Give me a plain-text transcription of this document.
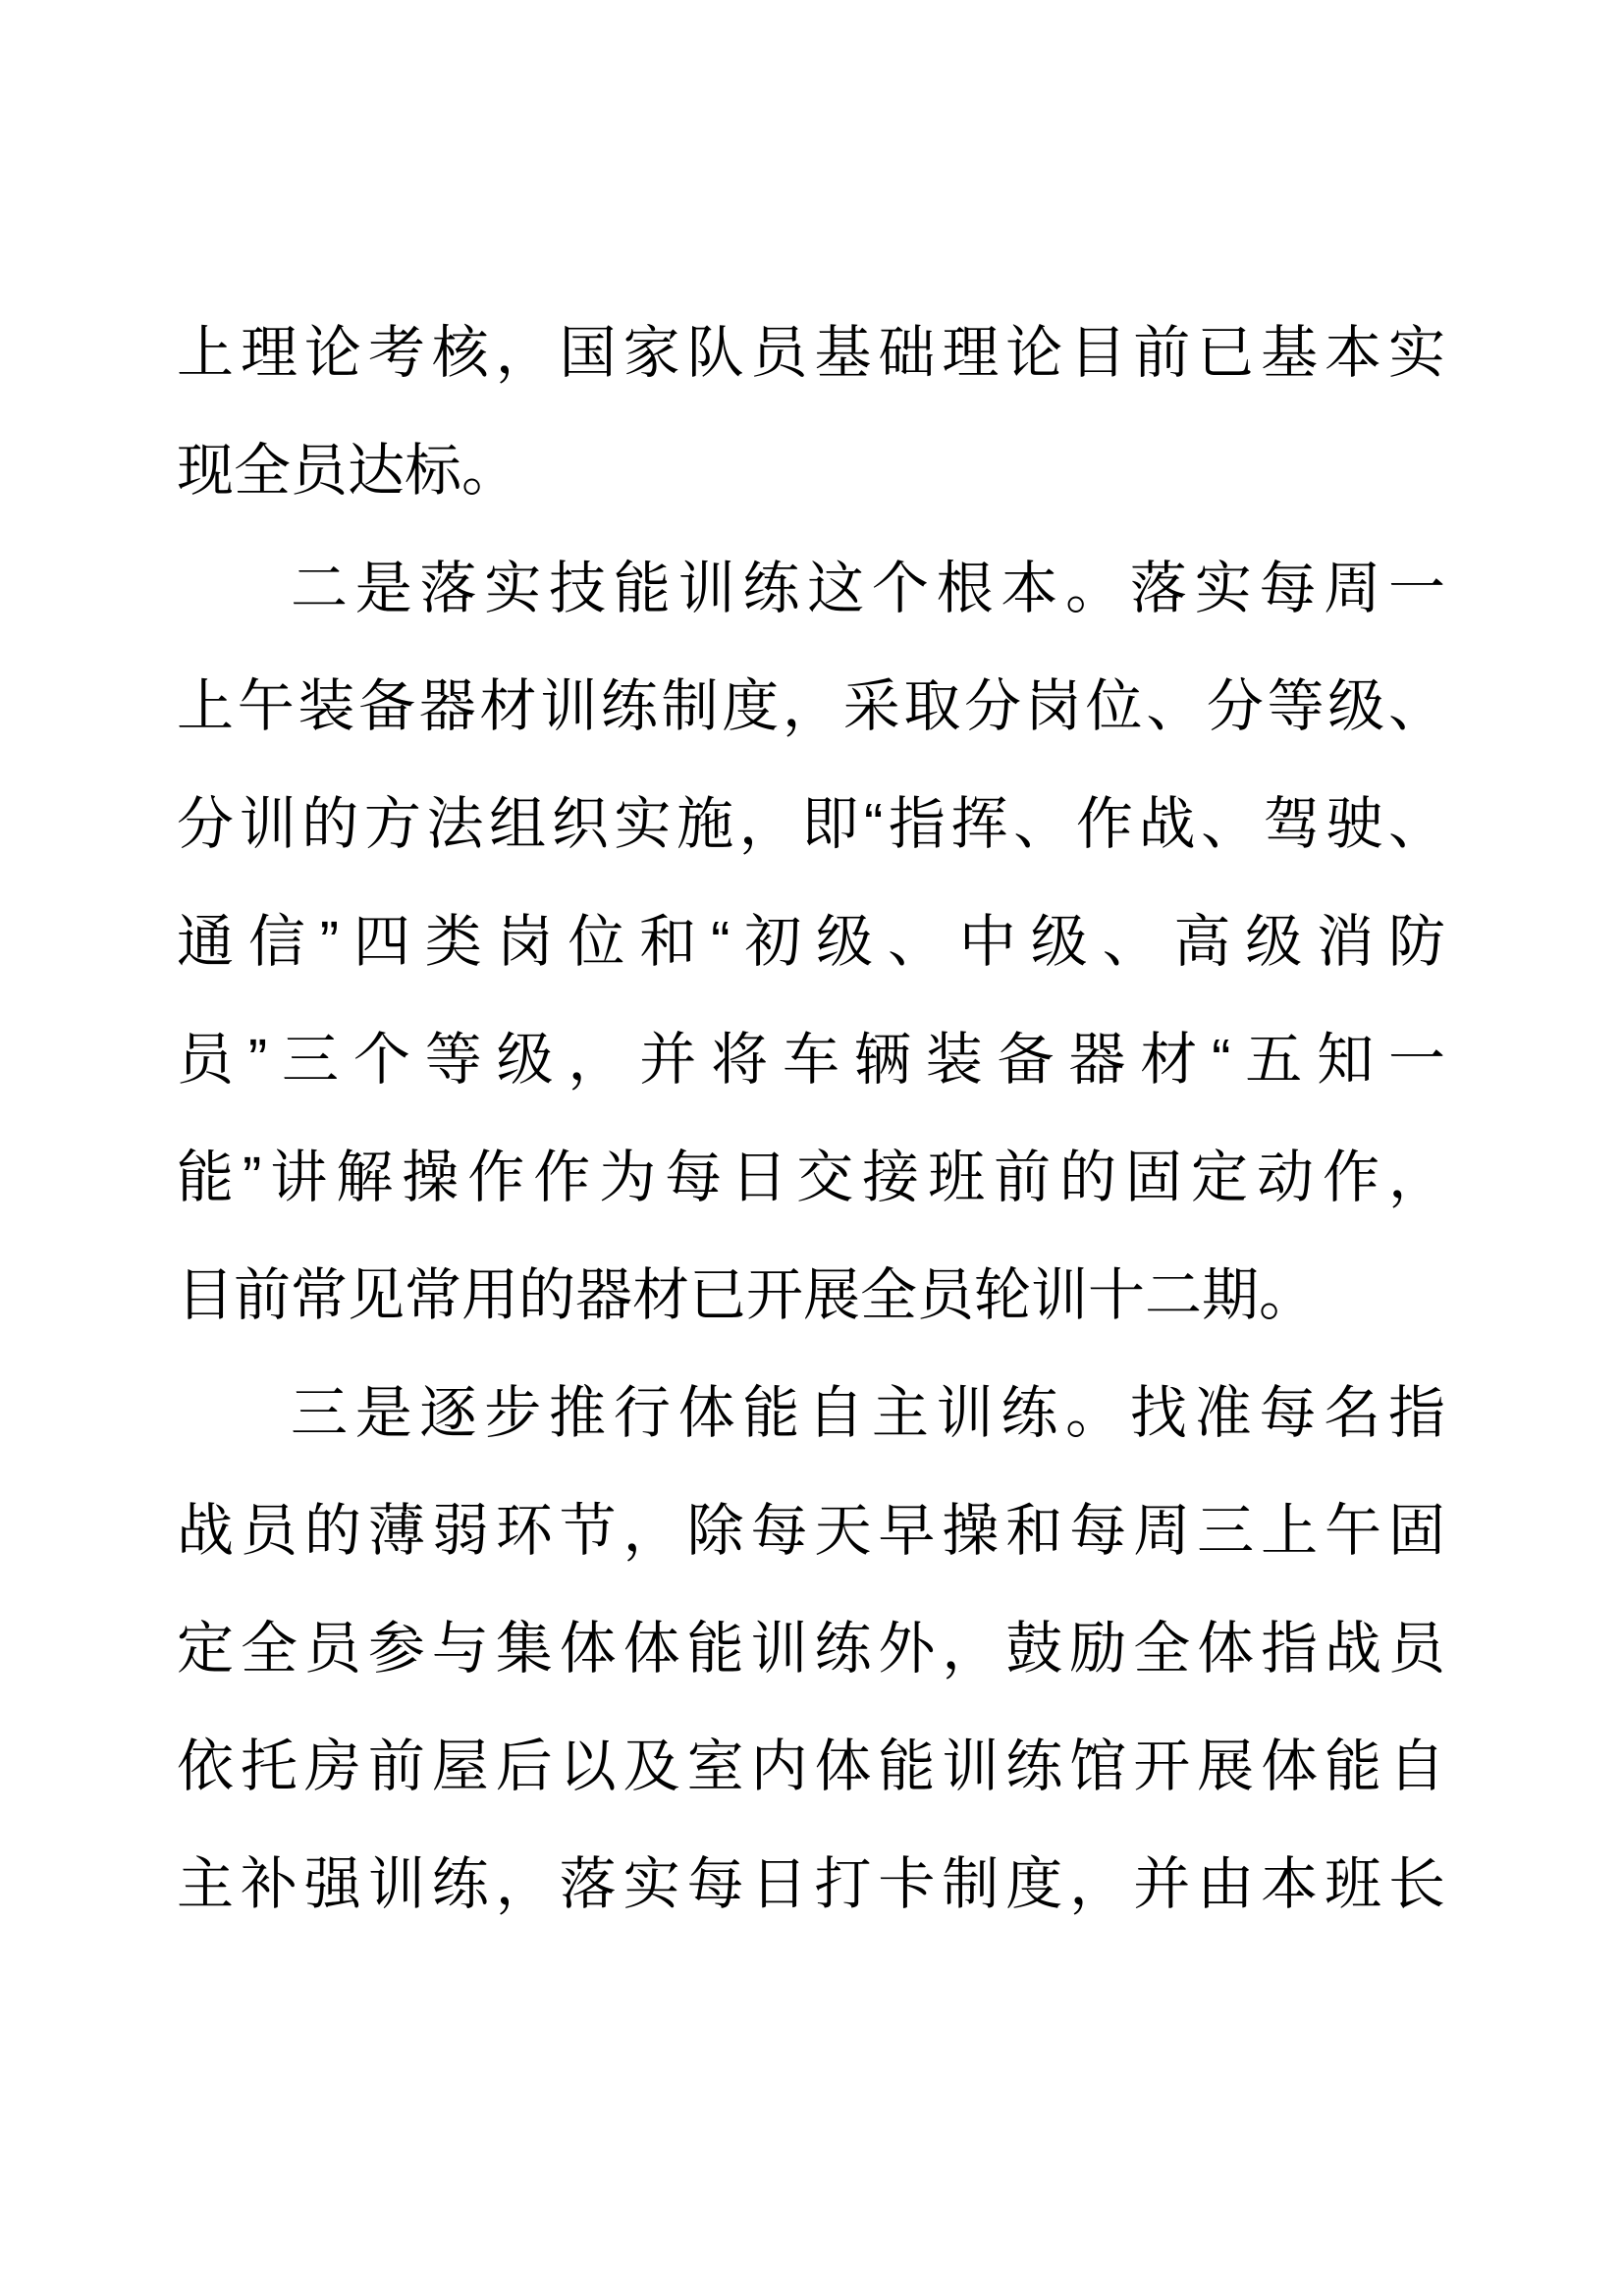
上理论考核，国家队员基础理论目前已基本实
现全员达标。
二是落实技能训练这个根本。落实每周一
上午装备器材训练制度，采取分岗位、分等级、
分训的方法组织实施，即“指挥、作战、驾驶、
通信”四类岗位和“初级、中级、高级消防
员”三个等级，并将车辆装备器材“五知一
能”讲解操作作为每日交接班前的固定动作，
目前常见常用的器材已开展全员轮训十二期。
三是逐步推行体能自主训练。找准每名指
战员的薄弱环节，除每天早操和每周三上午固
定全员参与集体体能训练外，鼓励全体指战员
依托房前屋后以及室内体能训练馆开展体能自
主补强训练，落实每日打卡制度，并由本班长
